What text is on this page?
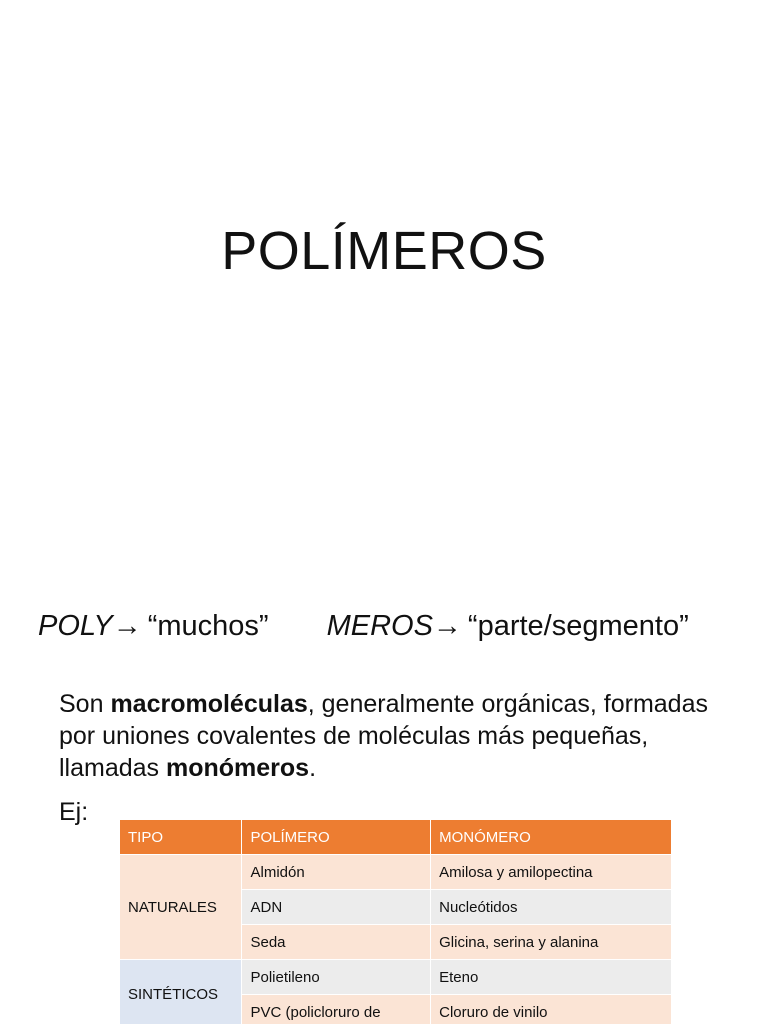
POLÍMEROS
POLY→ “muchos” MEROS→ “parte/segmento”

Son macromoléculas, generalmente orgánicas, formadas por uniones covalentes de moléculas más pequeñas, llamadas monómeros.

Ej:
TIPO	POLÍMERO	MONÓMERO
NATURALES	Almidón	Amilosa y amilopectina
	ADN	Nucleótidos
	Seda	Glicina, serina y alanina
SINTÉTICOS	Polietileno	Eteno
	PVC (policloruro de	Cloruro de vinilo
